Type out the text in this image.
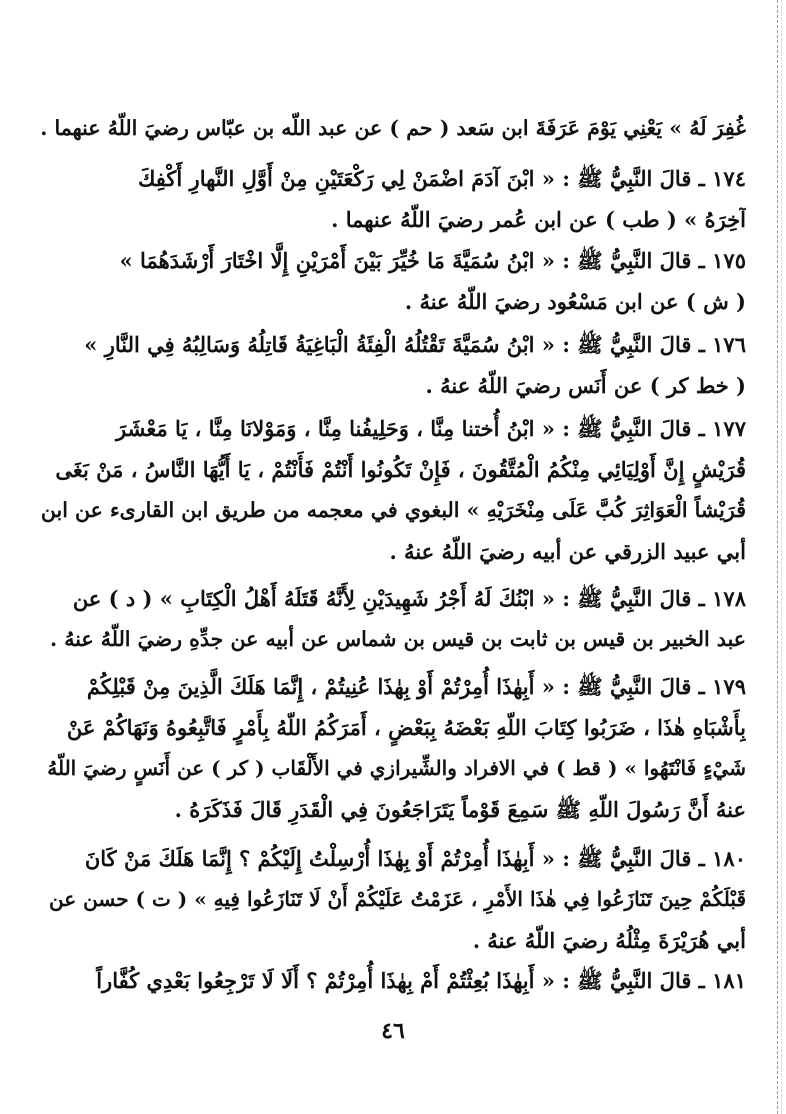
غُفِرَ لَهُ » يَعْنِي يَوْمَ عَرَفَةَ ابن سَعد ( حم ) عن عبد اللّه بن عبّاس رضيَ اللّهُ عنهما .
١٧٤ ـ قالَ النَّبِيُّ ﷺ : « ابْنَ آدَمَ اضْمَنْ لِي رَكْعَتَيْنِ مِنْ أَوَّلِ النَّهارِ أَكْفِكَ
آخِرَهُ » ( طب ) عن ابن عُمر رضيَ اللّهُ عنهما .
١٧٥ ـ قالَ النَّبِيُّ ﷺ : « ابْنُ سُمَيَّةَ مَا خُيِّرَ بَيْنَ أَمْرَيْنِ إِلَّا اخْتَارَ أَرْشَدَهُمَا »
( ش ) عن ابن مَسْعُود رضيَ اللّهُ عنهُ .
١٧٦ ـ قالَ النَّبِيُّ ﷺ : « ابْنُ سُمَيَّةَ تَقْتُلُهُ الْفِئَةُ الْبَاغِيَةُ قَاتِلُهُ وَسَالِبُهُ فِي النَّارِ »
( خط كر ) عن أَنَس رضيَ اللّهُ عنهُ .
١٧٧ ـ قالَ النَّبِيُّ ﷺ : « ابْنُ أُختنا مِنَّا ، وَحَلِيفُنا مِنَّا ، وَمَوْلانَا مِنَّا ، يَا مَعْشَرَ
قُرَيْشٍ إِنَّ أَوْلِيَائِي مِنْكُمُ الْمُتَّقُونَ ، فَإِنْ تَكُونُوا أَنْتُمْ فَأَنْتُمْ ، يَا أَيُّهَا النَّاسُ ، مَنْ بَغَى
قُرَيْشاً الْعَوَاثِرَ كُبَّ عَلَى مِنْخَرَيْهِ » البغوي في معجمه من طريق ابن القارىء عن ابن
أبي عبيد الزرقي عن أبيه رضيَ اللّهُ عنهُ .
١٧٨ ـ قالَ النَّبِيُّ ﷺ : « ابْنُكَ لَهُ أَجْرُ شَهِيدَيْنِ لِأَنَّهُ قَتَلَهُ أَهْلُ الْكِتَابِ » ( د ) عن
عبد الخبير بن قيس بن ثابت بن قيس بن شماس عن أبيه عن جدِّهِ رضيَ اللّهُ عنهُ .
١٧٩ ـ قالَ النَّبِيُّ ﷺ : « أَبِهٰذَا أُمِرْتُمْ أَوْ بِهٰذَا عُنِيتُمْ ، إِنَّمَا هَلَكَ الَّذِينَ مِنْ قَبْلِكُمْ
بِأَشْبَاهِ هٰذَا ، ضَرَبُوا كِتَابَ اللّهِ بَعْضَهُ بِبَعْضٍ ، أَمَرَكُمُ اللّهُ بِأَمْرٍ فَاتَّبِعُوهُ وَنَهَاكُمْ عَنْ
شَيْءٍ فَانْتَهُوا » ( قط ) في الافراد والشِّيرازي في الأَلْقَاب ( كر ) عن أَنَسٍ رضيَ اللّهُ
عنهُ أَنَّ رَسُولَ اللّهِ ﷺ سَمِعَ قَوْماً يَتَرَاجَعُونَ فِي الْقَدَرِ قَالَ فَذَكَرَهُ .
١٨٠ ـ قالَ النَّبِيُّ ﷺ : « أَبِهٰذَا أُمِرْتُمْ أَوْ بِهٰذَا أُرْسِلْتُ إِلَيْكُمْ ؟ إِنَّمَا هَلَكَ مَنْ كَانَ
قَبْلَكُمْ حِينَ تَنَازَعُوا فِي هٰذَا الأَمْرِ ، عَزَمْتُ عَلَيْكُمْ أَنْ لَا تَنَازَعُوا فِيهِ » ( ت ) حسن عن
أبي هُرَيْرَةَ مِثْلُهُ رضيَ اللّهُ عنهُ .
١٨١ ـ قالَ النَّبِيُّ ﷺ : « أَبِهٰذَا بُعِثْتُمْ أَمْ بِهٰذَا أُمِرْتُمْ ؟ أَلَا لَا تَرْجِعُوا بَعْدِي كُفَّاراً
٤٦
